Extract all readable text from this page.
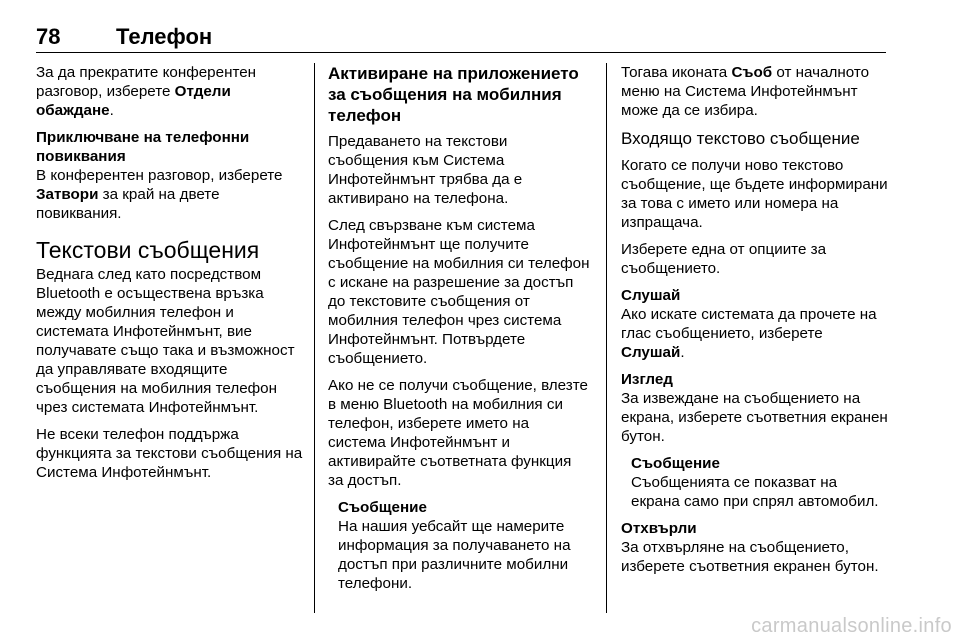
78	Телефон

За да прекратите конферентен разговор, изберете Отдели обаждане.

Приключване на телефонни повиквания

В конферентен разговор, изберете Затвори за край на двете повиквания.

Текстови съобщения

Веднага след като посредством Bluetooth е осъществена връзка между мобилния телефон и системата Инфотейнмънт, вие получавате също така и възможност да управлявате входящите съобщения на мобилния телефон чрез системата Инфотейнмънт.

Не всеки телефон поддържа функцията за текстови съобщения на Система Инфотейнмънт.

Активиране на приложението за съобщения на мобилния телефон

Предаването на текстови съобщения към Система Инфотейнмънт трябва да е активирано на телефона.

След свързване към система Инфотейнмънт ще получите съобщение на мобилния си телефон с искане на разрешение за достъп до текстовите съобщения от мобилния телефон чрез система Инфотейнмънт. Потвърдете съобщението.

Ако не се получи съобщение, влезте в меню Bluetooth на мобилния си телефон, изберете името на система Инфотейнмънт и активирайте съответната функция за достъп.

Съобщение

На нашия уебсайт ще намерите информация за получаването на достъп при различните мобилни телефони.

Тогава иконата Съоб от началното меню на Система Инфотейнмънт може да се избира.

Входящо текстово съобщение

Когато се получи ново текстово съобщение, ще бъдете информирани за това с името или номера на изпращача.

Изберете една от опциите за съобщението.

Слушай

Ако искате системата да прочете на глас съобщението, изберете Слушай.

Изглед

За извеждане на съобщението на екрана, изберете съответния екранен бутон.

Съобщение

Съобщенията се показват на екрана само при спрял автомобил.

Отхвърли

За отхвърляне на съобщението, изберете съответния екранен бутон.

carmanualsonline.info
